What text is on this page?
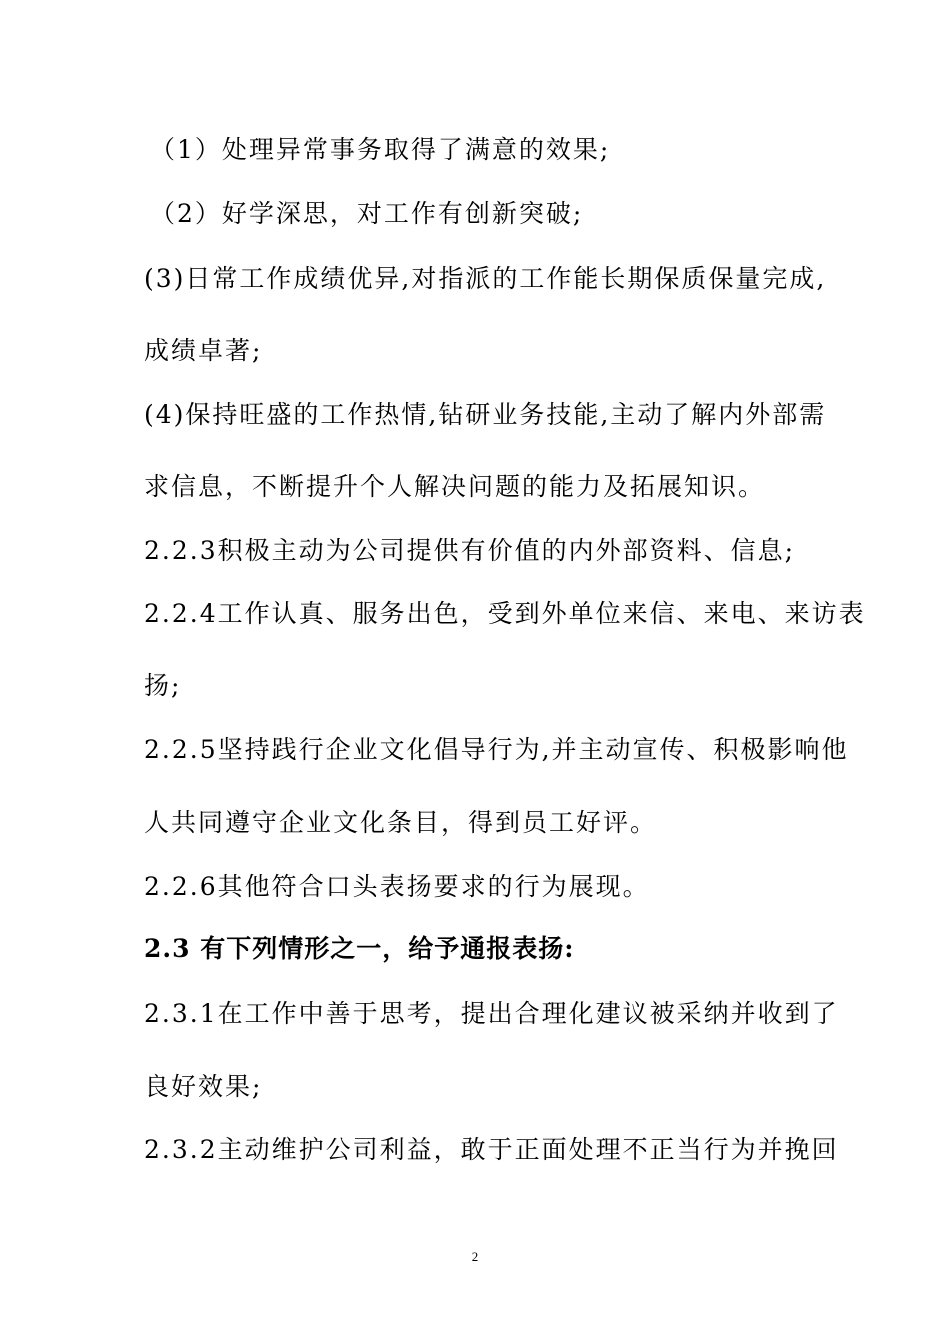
（1）处理异常事务取得了满意的效果;
（2）好学深思，对工作有创新突破;
(3)日常工作成绩优异,对指派的工作能长期保质保量完成,
成绩卓著;
(4)保持旺盛的工作热情,钻研业务技能,主动了解内外部需
求信息，不断提升个人解决问题的能力及拓展知识。
2.2.3积极主动为公司提供有价值的内外部资料、信息;
2.2.4工作认真、服务出色，受到外单位来信、来电、来访表
扬;
2.2.5坚持践行企业文化倡导行为,并主动宣传、积极影响他
人共同遵守企业文化条目，得到员工好评。
2.2.6其他符合口头表扬要求的行为展现。
2.3 有下列情形之一，给予通报表扬:
2.3.1在工作中善于思考，提出合理化建议被采纳并收到了
良好效果;
2.3.2主动维护公司利益，敢于正面处理不正当行为并挽回
2
